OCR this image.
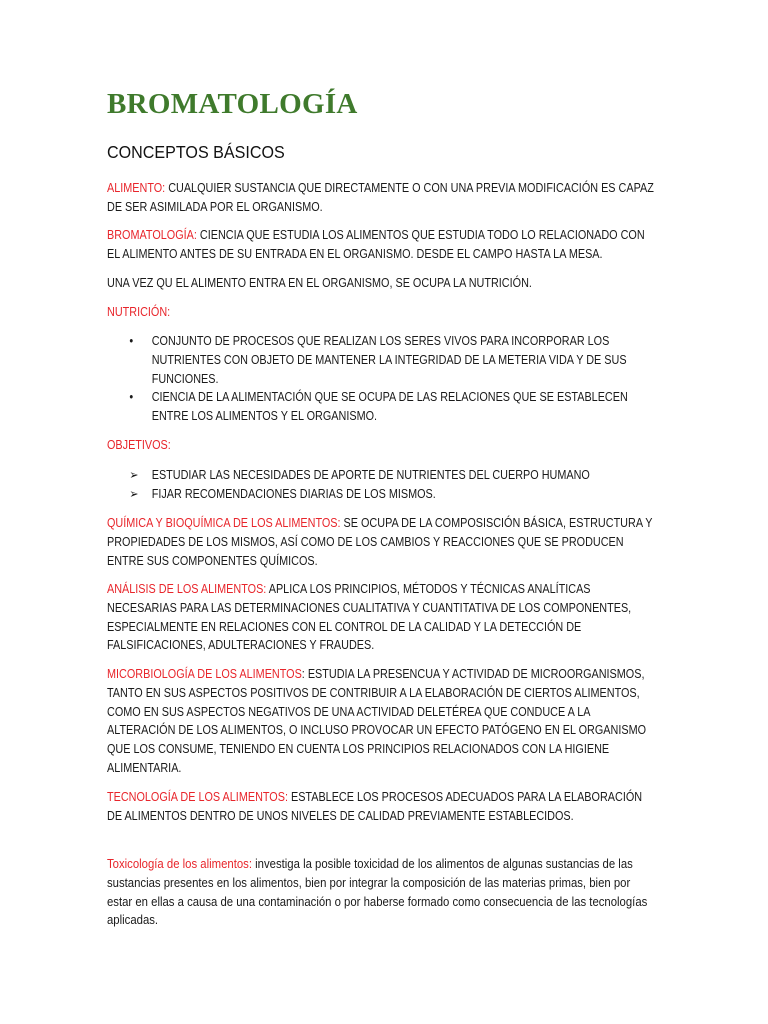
BROMATOLOGÍA
CONCEPTOS BÁSICOS

ALIMENTO: CUALQUIER SUSTANCIA QUE DIRECTAMENTE O CON UNA PREVIA MODIFICACIÓN ES CAPAZ DE SER ASIMILADA POR EL ORGANISMO.

BROMATOLOGÍA: CIENCIA QUE ESTUDIA LOS ALIMENTOS QUE ESTUDIA TODO LO RELACIONADO CON EL ALIMENTO ANTES DE SU ENTRADA EN EL ORGANISMO. DESDE EL CAMPO HASTA LA MESA.

UNA VEZ QU EL ALIMENTO ENTRA EN EL ORGANISMO, SE OCUPA LA NUTRICIÓN.

NUTRICIÓN:

• CONJUNTO DE PROCESOS QUE REALIZAN LOS SERES VIVOS PARA INCORPORAR LOS NUTRIENTES CON OBJETO DE MANTENER LA INTEGRIDAD DE LA METERIA VIDA Y DE SUS FUNCIONES.
• CIENCIA DE LA ALIMENTACIÓN QUE SE OCUPA DE LAS RELACIONES QUE SE ESTABLECEN ENTRE LOS ALIMENTOS Y EL ORGANISMO.

OBJETIVOS:

➢ ESTUDIAR LAS NECESIDADES DE APORTE DE NUTRIENTES DEL CUERPO HUMANO
➢ FIJAR RECOMENDACIONES DIARIAS DE LOS MISMOS.

QUÍMICA Y BIOQUÍMICA DE LOS ALIMENTOS: SE OCUPA DE LA COMPOSISCIÓN BÁSICA, ESTRUCTURA Y PROPIEDADES DE LOS MISMOS, ASÍ COMO DE LOS CAMBIOS Y REACCIONES QUE SE PRODUCEN ENTRE SUS COMPONENTES QUÍMICOS.

ANÁLISIS DE LOS ALIMENTOS: APLICA LOS PRINCIPIOS, MÉTODOS Y TÉCNICAS ANALÍTICAS NECESARIAS PARA LAS DETERMINACIONES CUALITATIVA Y CUANTITATIVA DE LOS COMPONENTES, ESPECIALMENTE EN RELACIONES CON EL CONTROL DE LA CALIDAD Y LA DETECCIÓN DE FALSIFICACIONES, ADULTERACIONES Y FRAUDES.

MICORBIOLOGÍA DE LOS ALIMENTOS: ESTUDIA LA PRESENCUA Y ACTIVIDAD DE MICROORGANISMOS, TANTO EN SUS ASPECTOS POSITIVOS DE CONTRIBUIR A LA ELABORACIÓN DE CIERTOS ALIMENTOS, COMO EN SUS ASPECTOS NEGATIVOS DE UNA ACTIVIDAD DELETÉREA QUE CONDUCE A LA ALTERACIÓN DE LOS ALIMENTOS, O INCLUSO PROVOCAR UN EFECTO PATÓGENO EN EL ORGANISMO QUE LOS CONSUME, TENIENDO EN CUENTA LOS PRINCIPIOS RELACIONADOS CON LA HIGIENE ALIMENTARIA.

TECNOLOGÍA DE LOS ALIMENTOS: ESTABLECE LOS PROCESOS ADECUADOS PARA LA ELABORACIÓN DE ALIMENTOS DENTRO DE UNOS NIVELES DE CALIDAD PREVIAMENTE ESTABLECIDOS.

Toxicología de los alimentos: investiga la posible toxicidad de los alimentos de algunas sustancias de las sustancias presentes en los alimentos, bien por integrar la composición de las materias primas, bien por estar en ellas a causa de una contaminación o por haberse formado como consecuencia de las tecnologías aplicadas.
